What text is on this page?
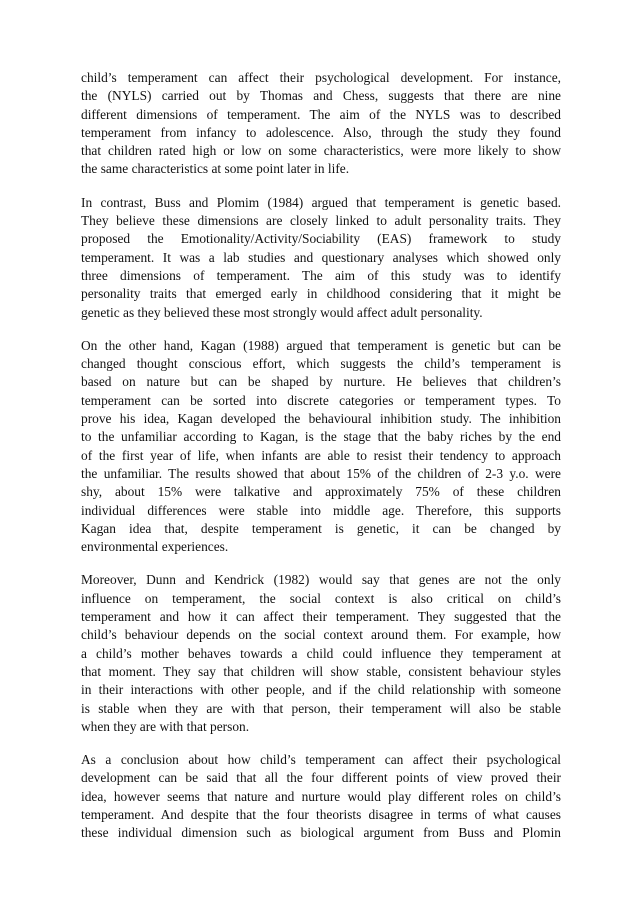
child’s temperament can affect their psychological development. For instance,
the (NYLS) carried out by Thomas and Chess, suggests that there are nine
different dimensions of temperament. The aim of the NYLS was to described
temperament from infancy to adolescence. Also, through the study they found
that children rated high or low on some characteristics, were more likely to show
the same characteristics at some point later in life.

In contrast, Buss and Plomim (1984) argued that temperament is genetic based.
They believe these dimensions are closely linked to adult personality traits. They
proposed the Emotionality/Activity/Sociability (EAS) framework to study
temperament. It was a lab studies and questionary analyses which showed only
three dimensions of temperament. The aim of this study was to identify
personality traits that emerged early in childhood considering that it might be
genetic as they believed these most strongly would affect adult personality.

On the other hand, Kagan (1988) argued that temperament is genetic but can be
changed thought conscious effort, which suggests the child’s temperament is
based on nature but can be shaped by nurture. He believes that children’s
temperament can be sorted into discrete categories or temperament types. To
prove his idea, Kagan developed the behavioural inhibition study. The inhibition
to the unfamiliar according to Kagan, is the stage that the baby riches by the end
of the first year of life, when infants are able to resist their tendency to approach
the unfamiliar. The results showed that about 15% of the children of 2-3 y.o. were
shy, about 15% were talkative and approximately 75% of these children
individual differences were stable into middle age. Therefore, this supports
Kagan idea that, despite temperament is genetic, it can be changed by
environmental experiences.

Moreover, Dunn and Kendrick (1982) would say that genes are not the only
influence on temperament, the social context is also critical on child’s
temperament and how it can affect their temperament. They suggested that the
child’s behaviour depends on the social context around them. For example, how
a child’s mother behaves towards a child could influence they temperament at
that moment. They say that children will show stable, consistent behaviour styles
in their interactions with other people, and if the child relationship with someone
is stable when they are with that person, their temperament will also be stable
when they are with that person.

As a conclusion about how child’s temperament can affect their psychological
development can be said that all the four different points of view proved their
idea, however seems that nature and nurture would play different roles on child’s
temperament. And despite that the four theorists disagree in terms of what causes
these individual dimension such as biological argument from Buss and Plomin
